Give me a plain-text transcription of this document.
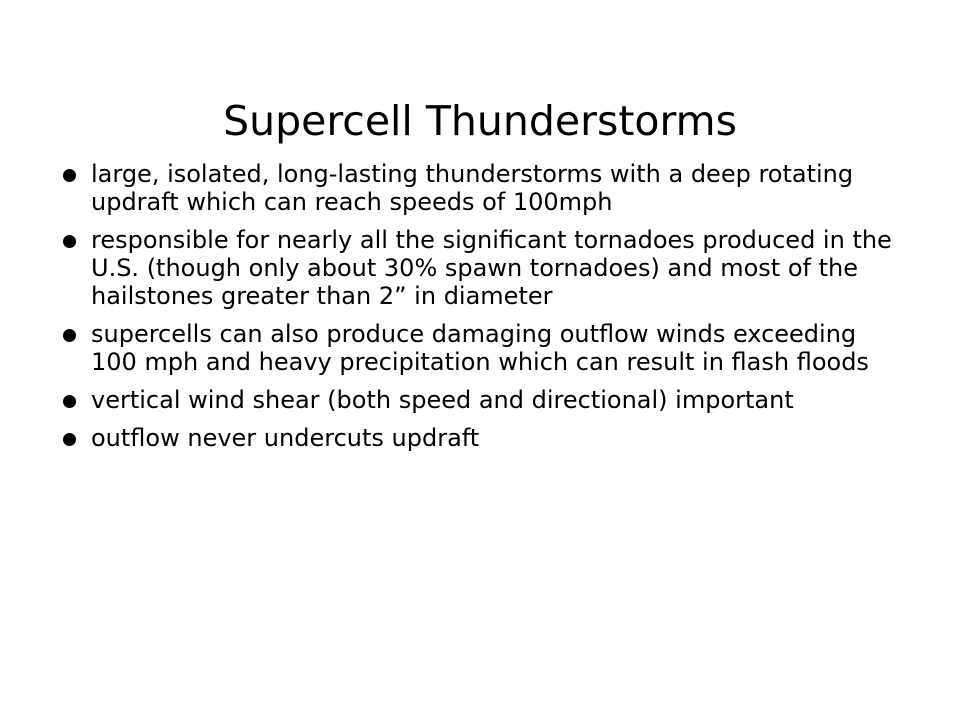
Supercell Thunderstorms
large, isolated, long-lasting thunderstorms with a deep rotating updraft which can reach speeds of 100mph
responsible for nearly all the significant tornadoes produced in the U.S. (though only about 30% spawn tornadoes) and most of the hailstones greater than 2” in diameter
supercells can also produce damaging outflow winds exceeding 100 mph and heavy precipitation which can result in flash floods
vertical wind shear (both speed and directional) important
outflow never undercuts updraft
